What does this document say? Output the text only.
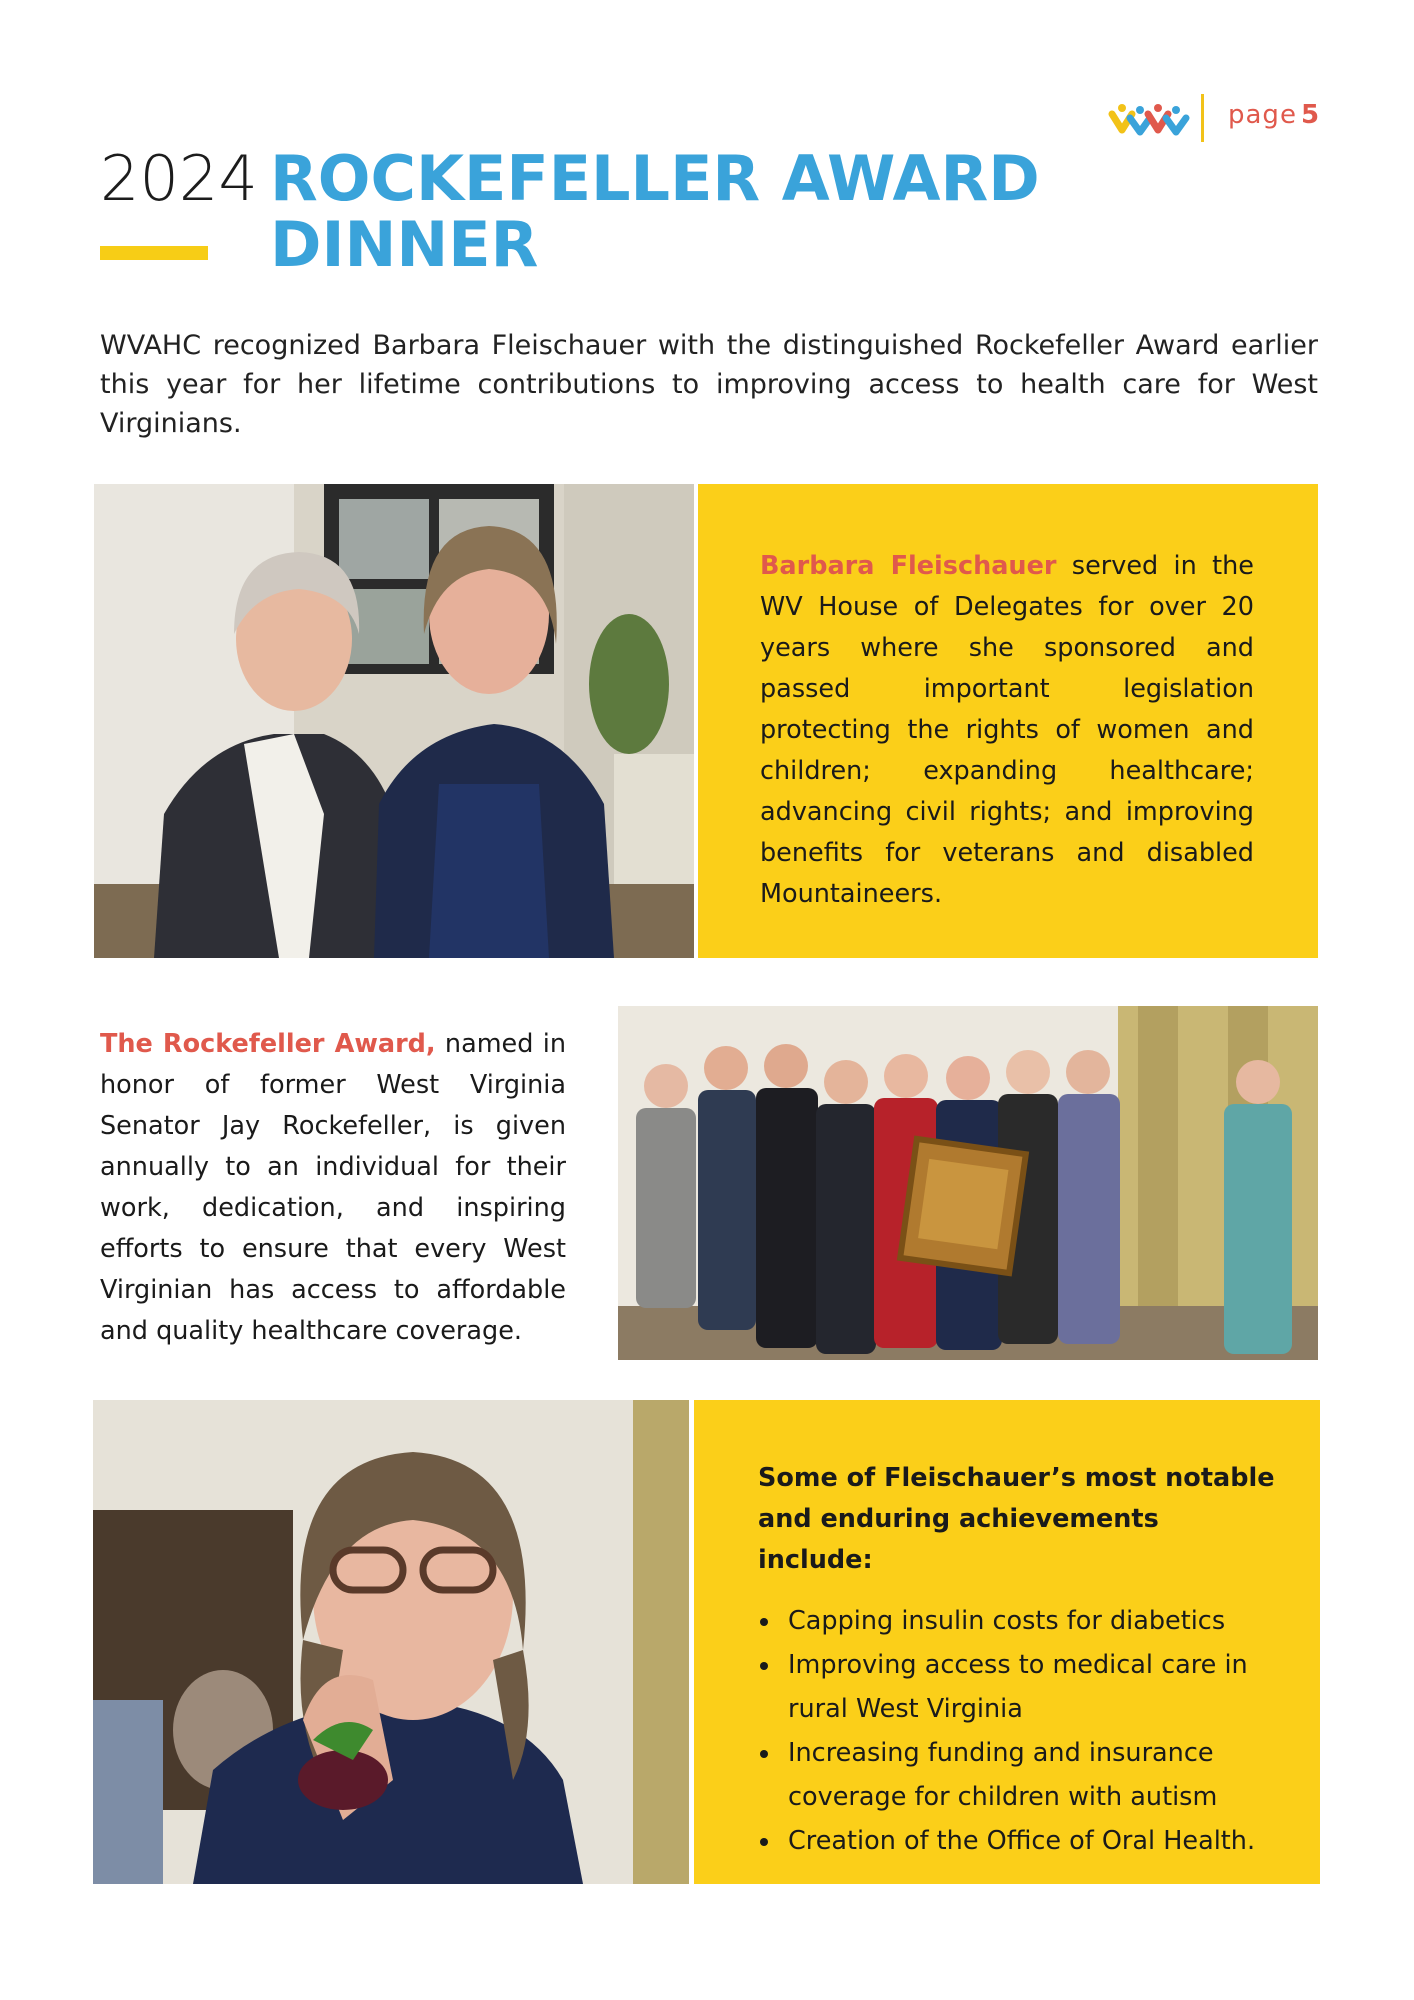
page 5
2024 ROCKEFELLER AWARD
DINNER
WVAHC recognized Barbara Fleischauer with the distinguished Rockefeller Award earlier this year for her lifetime contributions to improving access to health care for West Virginians.
Barbara Fleischauer served in the WV House of Delegates for over 20 years where she sponsored and passed important legislation protecting the rights of women and children; expanding healthcare; advancing civil rights; and improving benefits for veterans and disabled Mountaineers.
The Rockefeller Award, named in honor of former West Virginia Senator Jay Rockefeller, is given annually to an individual for their work, dedication, and inspiring efforts to ensure that every West Virginian has access to affordable and quality healthcare coverage.
Some of Fleischauer’s most notable and enduring achievements include:
• Capping insulin costs for diabetics
• Improving access to medical care in rural West Virginia
• Increasing funding and insurance coverage for children with autism
• Creation of the Office of Oral Health.
